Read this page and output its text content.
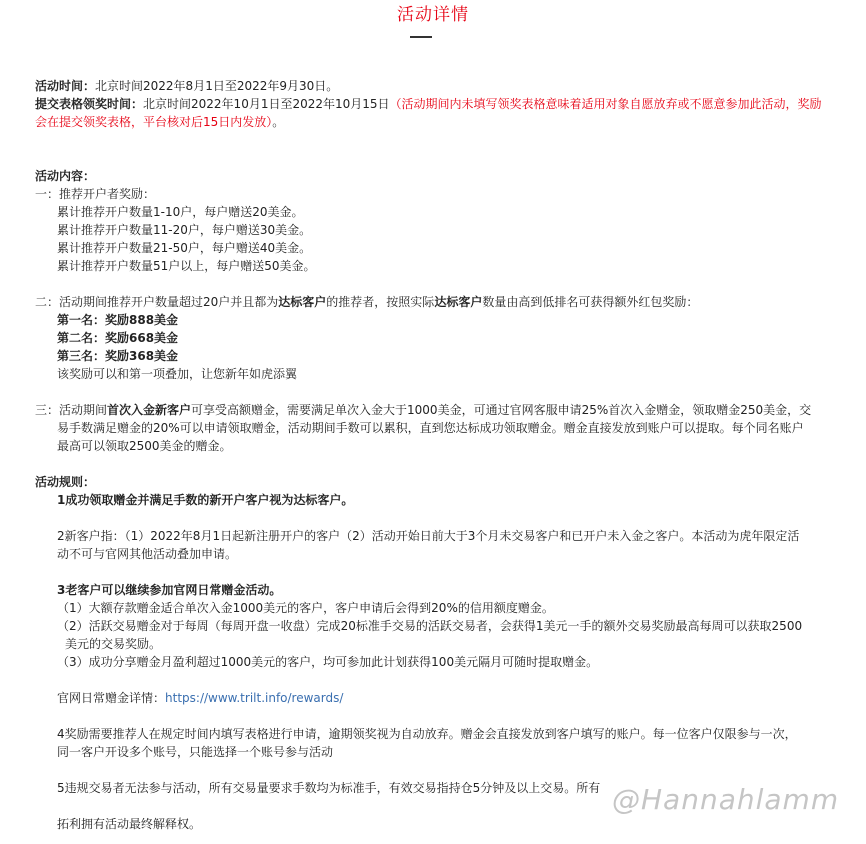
活动详情
活动时间：北京时间2022年8月1日至2022年9月30日。
提交表格领奖时间：北京时间2022年10月1日至2022年10月15日（活动期间内未填写领奖表格意味着适用对象自愿放弃或不愿意参加此活动，奖励
会在提交领奖表格，平台核对后15日内发放）。
活动内容：
一：推荐开户者奖励：
累计推荐开户数量1-10户，每户赠送20美金。
累计推荐开户数量11-20户，每户赠送30美金。
累计推荐开户数量21-50户，每户赠送40美金。
累计推荐开户数量51户以上，每户赠送50美金。
二：活动期间推荐开户数量超过20户并且都为达标客户的推荐者，按照实际达标客户数量由高到低排名可获得额外红包奖励：
第一名：奖励888美金
第二名：奖励668美金
第三名：奖励368美金
该奖励可以和第一项叠加，让您新年如虎添翼
三：活动期间首次入金新客户可享受高额赠金，需要满足单次入金大于1000美金，可通过官网客服申请25%首次入金赠金，领取赠金250美金，交
易手数满足赠金的20%可以申请领取赠金，活动期间手数可以累积，直到您达标成功领取赠金。赠金直接发放到账户可以提取。每个同名账户
最高可以领取2500美金的赠金。
活动规则：
1成功领取赠金并满足手数的新开户客户视为达标客户。
2新客户指：（1）2022年8月1日起新注册开户的客户（2）活动开始日前大于3个月未交易客户和已开户未入金之客户。本活动为虎年限定活
动不可与官网其他活动叠加申请。
3老客户可以继续参加官网日常赠金活动。
（1）大额存款赠金适合单次入金1000美元的客户，客户申请后会得到20%的信用额度赠金。
（2）活跃交易赠金对于每周（每周开盘一收盘）完成20标准手交易的活跃交易者，会获得1美元一手的额外交易奖励最高每周可以获取2500
美元的交易奖励。
（3）成功分享赠金月盈利超过1000美元的客户，均可参加此计划获得100美元隔月可随时提取赠金。
官网日常赠金详情：https://www.trilt.info/rewards/
4奖励需要推荐人在规定时间内填写表格进行申请，逾期领奖视为自动放弃。赠金会直接发放到客户填写的账户。每一位客户仅限参与一次，
同一客户开设多个账号，只能选择一个账号参与活动
5违规交易者无法参与活动，所有交易量要求手数均为标准手，有效交易指持仓5分钟及以上交易。所有
拓利拥有活动最终解释权。
@Hannahlamm
